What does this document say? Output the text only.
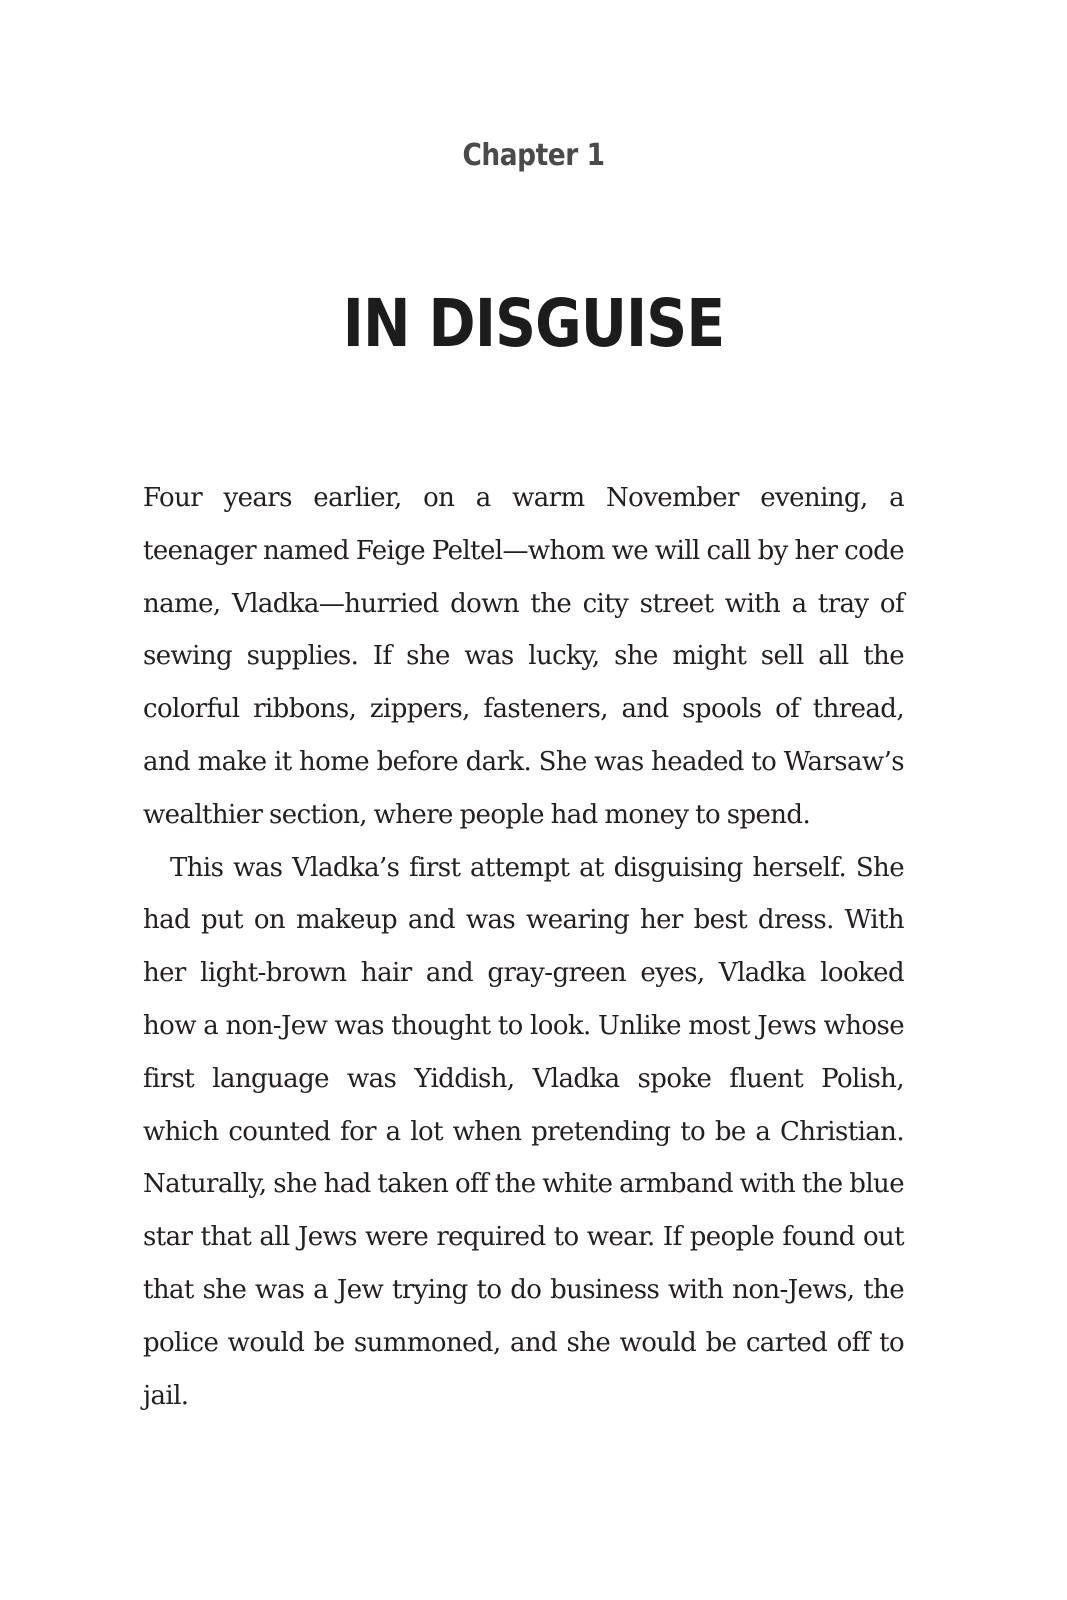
Chapter 1
IN DISGUISE

Four years earlier, on a warm November evening, a teenager named Feige Peltel—whom we will call by her code name, Vladka—hurried down the city street with a tray of sewing supplies. If she was lucky, she might sell all the colorful ribbons, zippers, fasteners, and spools of thread, and make it home before dark. She was headed to Warsaw’s wealthier section, where people had money to spend.

This was Vladka’s first attempt at disguising herself. She had put on makeup and was wearing her best dress. With her light-brown hair and gray-green eyes, Vladka looked how a non-Jew was thought to look. Unlike most Jews whose first language was Yiddish, Vladka spoke fluent Polish, which counted for a lot when pretending to be a Christian. Naturally, she had taken off the white armband with the blue star that all Jews were required to wear. If people found out that she was a Jew trying to do business with non-Jews, the police would be summoned, and she would be carted off to jail.
